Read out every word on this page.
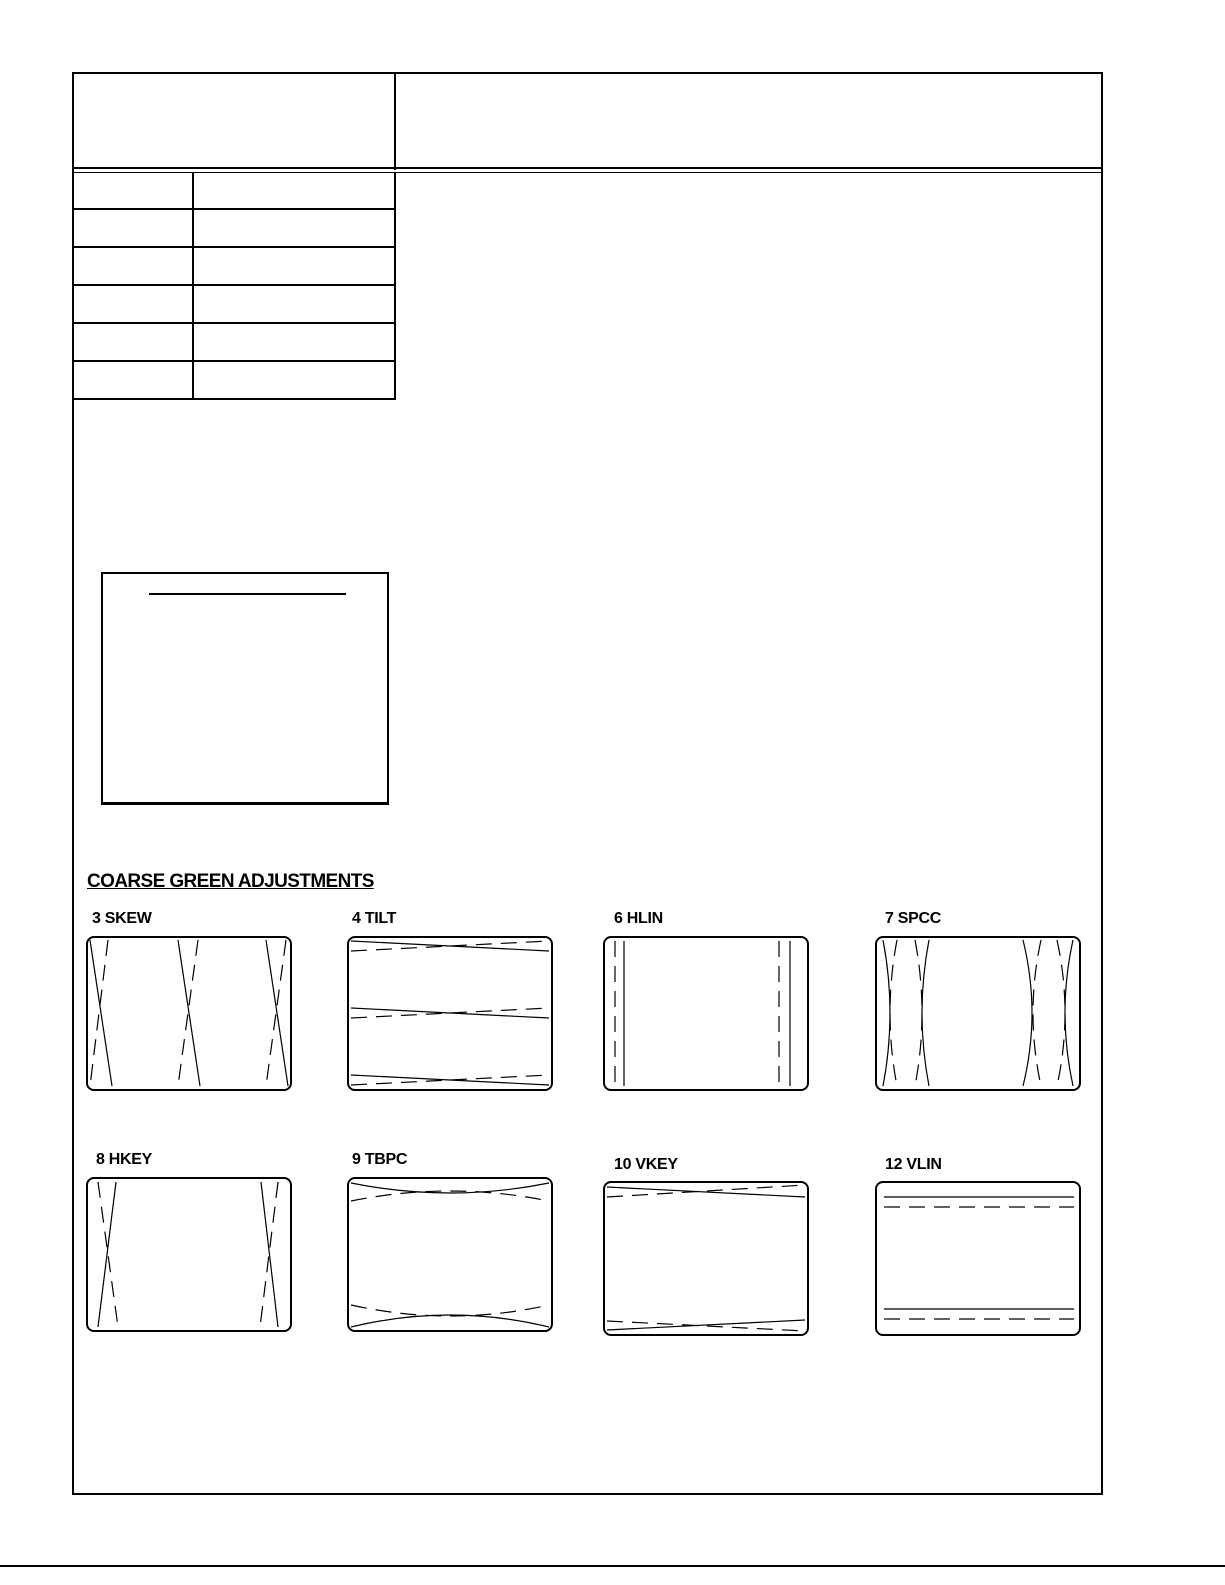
COARSE GREEN ADJUSTMENTS
3 SKEW	4 TILT	6 HLIN	7 SPCC
8 HKEY	9 TBPC	10 VKEY	12 VLIN
